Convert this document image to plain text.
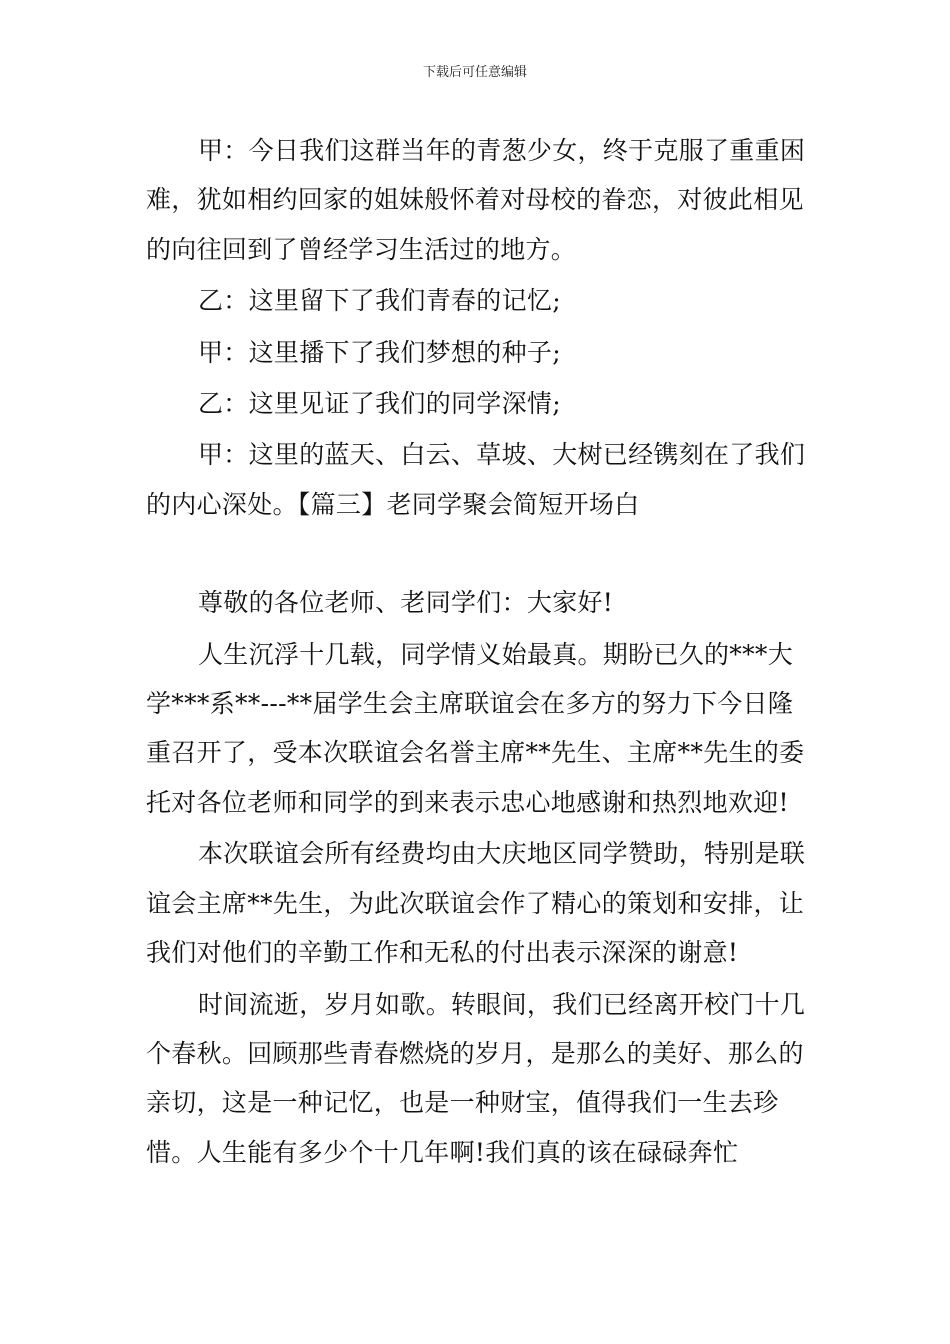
下载后可任意编辑

甲：今日我们这群当年的青葱少女，终于克服了重重困难，犹如相约回家的姐妹般怀着对母校的眷恋，对彼此相见的向往回到了曾经学习生活过的地方。

乙：这里留下了我们青春的记忆;

甲：这里播下了我们梦想的种子;

乙：这里见证了我们的同学深情;

甲：这里的蓝天、白云、草坡、大树已经镌刻在了我们的内心深处。【篇三】老同学聚会简短开场白

尊敬的各位老师、老同学们：大家好!

人生沉浮十几载，同学情义始最真。期盼已久的***大学***系**---**届学生会主席联谊会在多方的努力下今日隆重召开了，受本次联谊会名誉主席**先生、主席**先生的委托对各位老师和同学的到来表示忠心地感谢和热烈地欢迎!

本次联谊会所有经费均由大庆地区同学赞助，特别是联谊会主席**先生，为此次联谊会作了精心的策划和安排，让我们对他们的辛勤工作和无私的付出表示深深的谢意!

时间流逝，岁月如歌。转眼间，我们已经离开校门十几个春秋。回顾那些青春燃烧的岁月，是那么的美好、那么的亲切，这是一种记忆，也是一种财宝，值得我们一生去珍惜。人生能有多少个十几年啊!我们真的该在碌碌奔忙
